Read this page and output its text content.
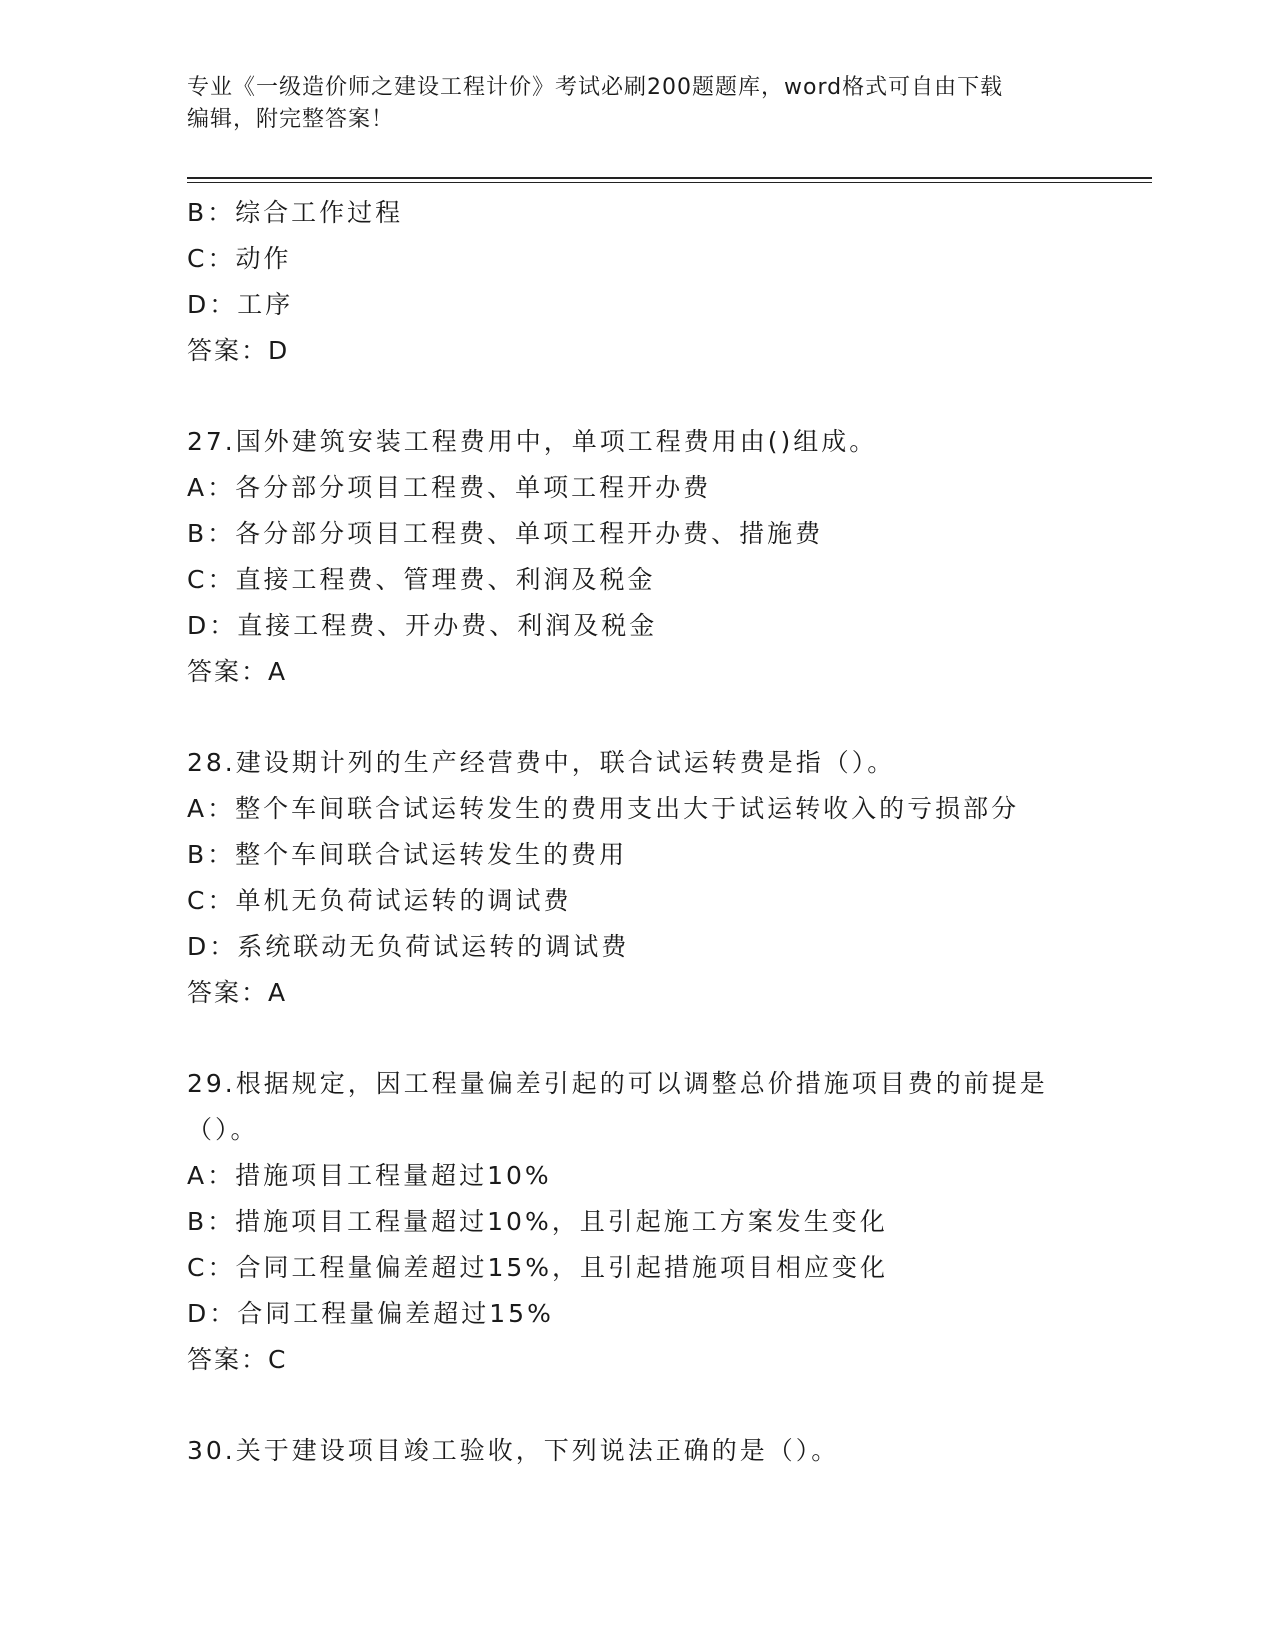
专业《一级造价师之建设工程计价》考试必刷200题题库，word格式可自由下载
编辑，附完整答案！
B：综合工作过程
C：动作
D：工序
答案：D
27.国外建筑安装工程费用中，单项工程费用由()组成。
A：各分部分项目工程费、单项工程开办费
B：各分部分项目工程费、单项工程开办费、措施费
C：直接工程费、管理费、利润及税金
D：直接工程费、开办费、利润及税金
答案：A
28.建设期计列的生产经营费中，联合试运转费是指（）。
A：整个车间联合试运转发生的费用支出大于试运转收入的亏损部分
B：整个车间联合试运转发生的费用
C：单机无负荷试运转的调试费
D：系统联动无负荷试运转的调试费
答案：A
29.根据规定，因工程量偏差引起的可以调整总价措施项目费的前提是
（）。
A：措施项目工程量超过10%
B：措施项目工程量超过10%，且引起施工方案发生变化
C：合同工程量偏差超过15%，且引起措施项目相应变化
D：合同工程量偏差超过15%
答案：C
30.关于建设项目竣工验收，下列说法正确的是（）。
